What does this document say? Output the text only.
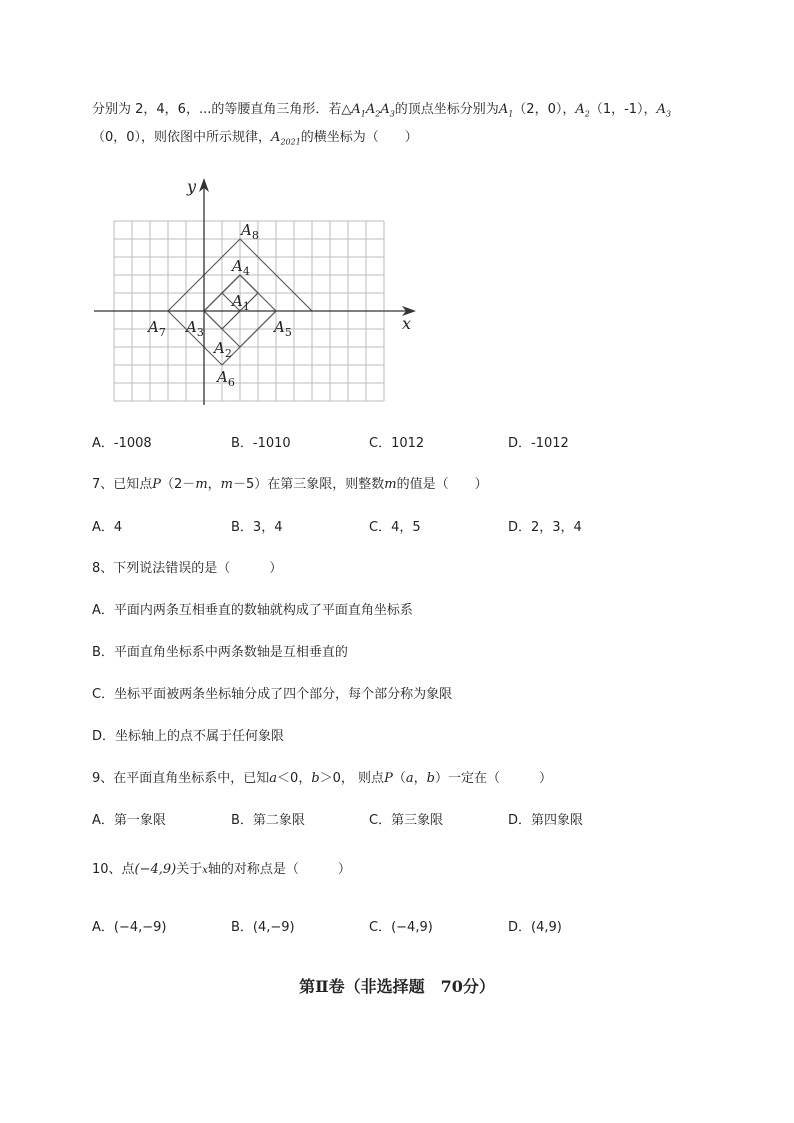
分别为 2，4，6，...的等腰直角三角形．若$\triangle A_1A_2A_3$的顶点坐标分别为$A_1(2$，0），$A_2(1$，-1），$A_3$
（0，0），则依图中所示规律，$A_{2021}$的横坐标为（　　）
x
y
$A_1$
$A_2$
$A_3$
$A_4$
$A_5$
$A_6$
$A_7$
$A_8$
A．-1008	B．-1010	C．1012	D．-1012
7、已知点P（2－m，m－5）在第三象限，则整数m的值是（　　）
A．4	B．3，4	C．4，5	D．2，3，4
8、下列说法错误的是（　　　）
A．平面内两条互相垂直的数轴就构成了平面直角坐标系
B．平面直角坐标系中两条数轴是互相垂直的
C．坐标平面被两条坐标轴分成了四个部分，每个部分称为象限
D．坐标轴上的点不属于任何象限
9、在平面直角坐标系中，已知a＜0，b＞0， 则点P（a，b）一定在（　　　）
A．第一象限	B．第二象限	C．第三象限	D．第四象限
10、点(−4,9)关于x轴的对称点是（　　　）
A．(−4,−9)	B．(4,−9)	C．(−4,9)	D．(4,9)
第Ⅱ卷（非选择题　70分）
